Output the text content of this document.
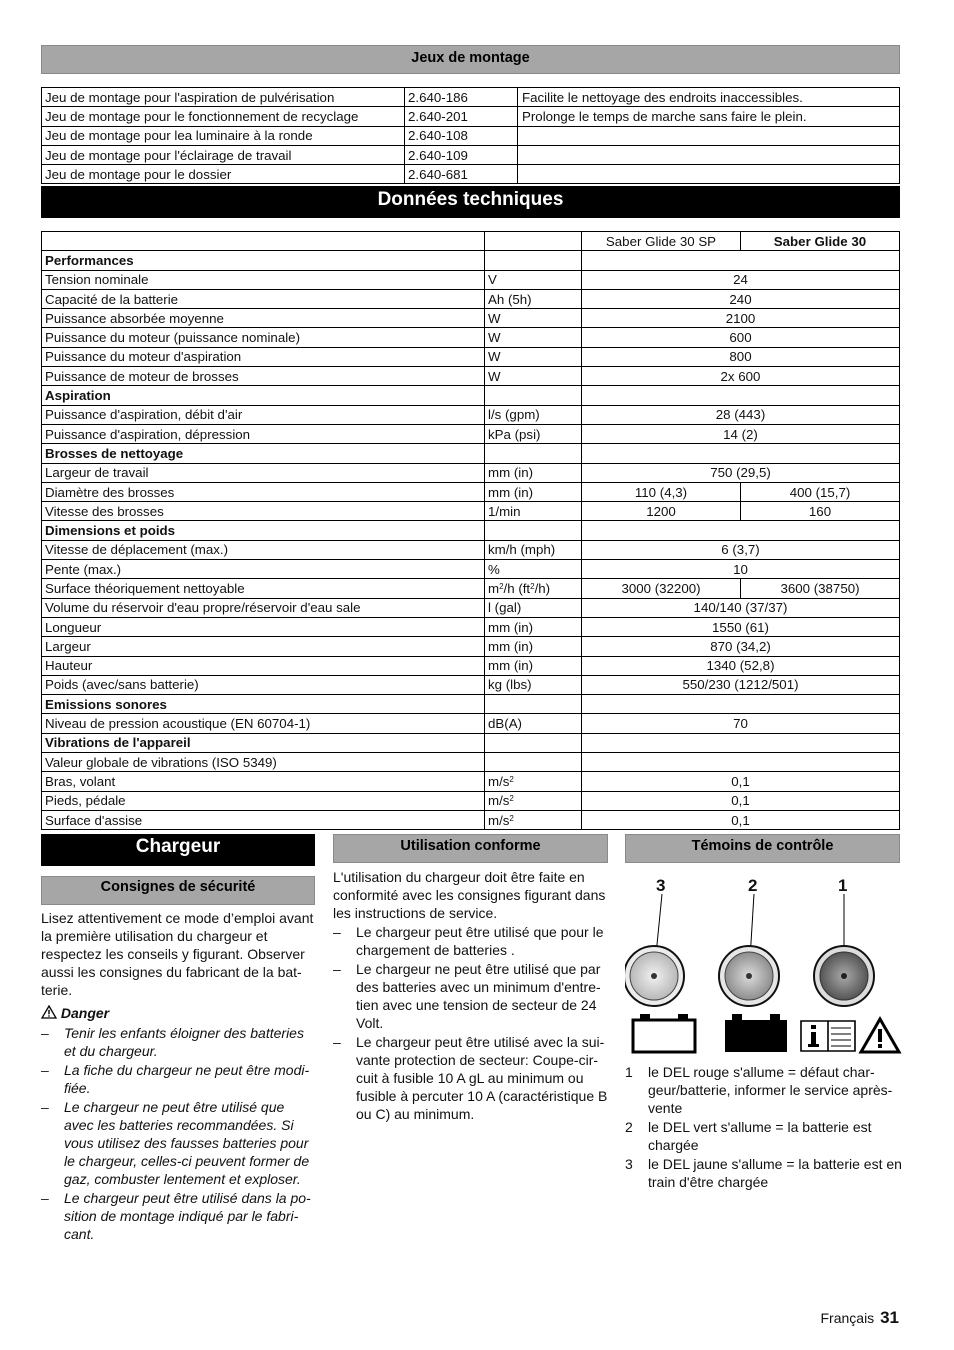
Jeux de montage
Jeu de montage pour l'aspiration de pulvérisation	2.640-186	Facilite le nettoyage des endroits inaccessibles.
Jeu de montage pour le fonctionnement de recyclage	2.640-201	Prolonge le temps de marche sans faire le plein.
Jeu de montage pour lea luminaire à la ronde	2.640-108	
Jeu de montage pour l'éclairage de travail	2.640-109	
Jeu de montage pour le dossier	2.640-681	
Données techniques
		Saber Glide 30 SP	Saber Glide 30
Performances			
Tension nominale	V	24	
Capacité de la batterie	Ah (5h)	240	
Puissance absorbée moyenne	W	2100	
Puissance du moteur (puissance nominale)	W	600	
Puissance du moteur d'aspiration	W	800	
Puissance de moteur de brosses	W	2x 600	
Aspiration			
Puissance d'aspiration, débit d'air	l/s (gpm)	28 (443)	
Puissance d'aspiration, dépression	kPa (psi)	14 (2)	
Brosses de nettoyage			
Largeur de travail	mm (in)	750 (29,5)	
Diamètre des brosses	mm (in)	110 (4,3)	400 (15,7)
Vitesse des brosses	1/min	1200	160
Dimensions et poids			
Vitesse de déplacement (max.)	km/h (mph)	6 (3,7)	
Pente (max.)	%	10	
Surface théoriquement nettoyable	$m^2/h$ $(ft^2/h)$	3000 (32200)	3600 (38750)
Volume du réservoir d'eau propre/réservoir d'eau sale	l (gal)	140/140 (37/37)	
Longueur	mm (in)	1550 (61)	
Largeur	mm (in)	870 (34,2)	
Hauteur	mm (in)	1340 (52,8)	
Poids (avec/sans batterie)	kg (lbs)	550/230 (1212/501)	
Emissions sonores			
Niveau de pression acoustique (EN 60704-1)	dB(A)	70	
Vibrations de l'appareil			
Valeur globale de vibrations (ISO 5349)			
Bras, volant	$m/s^2$	0,1	
Pieds, pédale	$m/s^2$	0,1	
Surface d'assise	$m/s^2$	0,1	
Chargeur
Consignes de sécurité

Lisez attentivement ce mode d’emploi avant la première utilisation du chargeur et respectez les conseils y figurant. Observer aussi les consignes du fabricant de la bat-terie.

Danger
– Tenir les enfants éloigner des batteries et du chargeur.
– La fiche du chargeur ne peut être modi-fiée.
– Le chargeur ne peut être utilisé que avec les batteries recommandées. Si vous utilisez des fausses batteries pour le chargeur, celles-ci peuvent former de gaz, combuster lentement et exploser.
– Le chargeur peut être utilisé dans la po-sition de montage indiqué par le fabri-cant.
Utilisation conforme

L'utilisation du chargeur doit être faite en conformité avec les consignes figurant dans les instructions de service.

– Le chargeur peut être utilisé que pour le chargement de batteries .
– Le chargeur ne peut être utilisé que par des batteries avec un minimum d'entre-tien avec une tension de secteur de 24 Volt.
– Le chargeur peut être utilisé avec la sui-vante protection de secteur: Coupe-cir-cuit à fusible 10 A gL au minimum ou fusible à percuter 10 A (caractéristique B ou C) au minimum.
Témoins de contrôle
3	2	1
1 le DEL rouge s'allume = défaut char-geur/batterie, informer le service après-vente
2 le DEL vert s'allume = la batterie est chargée
3 le DEL jaune s'allume = la batterie est en train d'être chargée
Français 31
